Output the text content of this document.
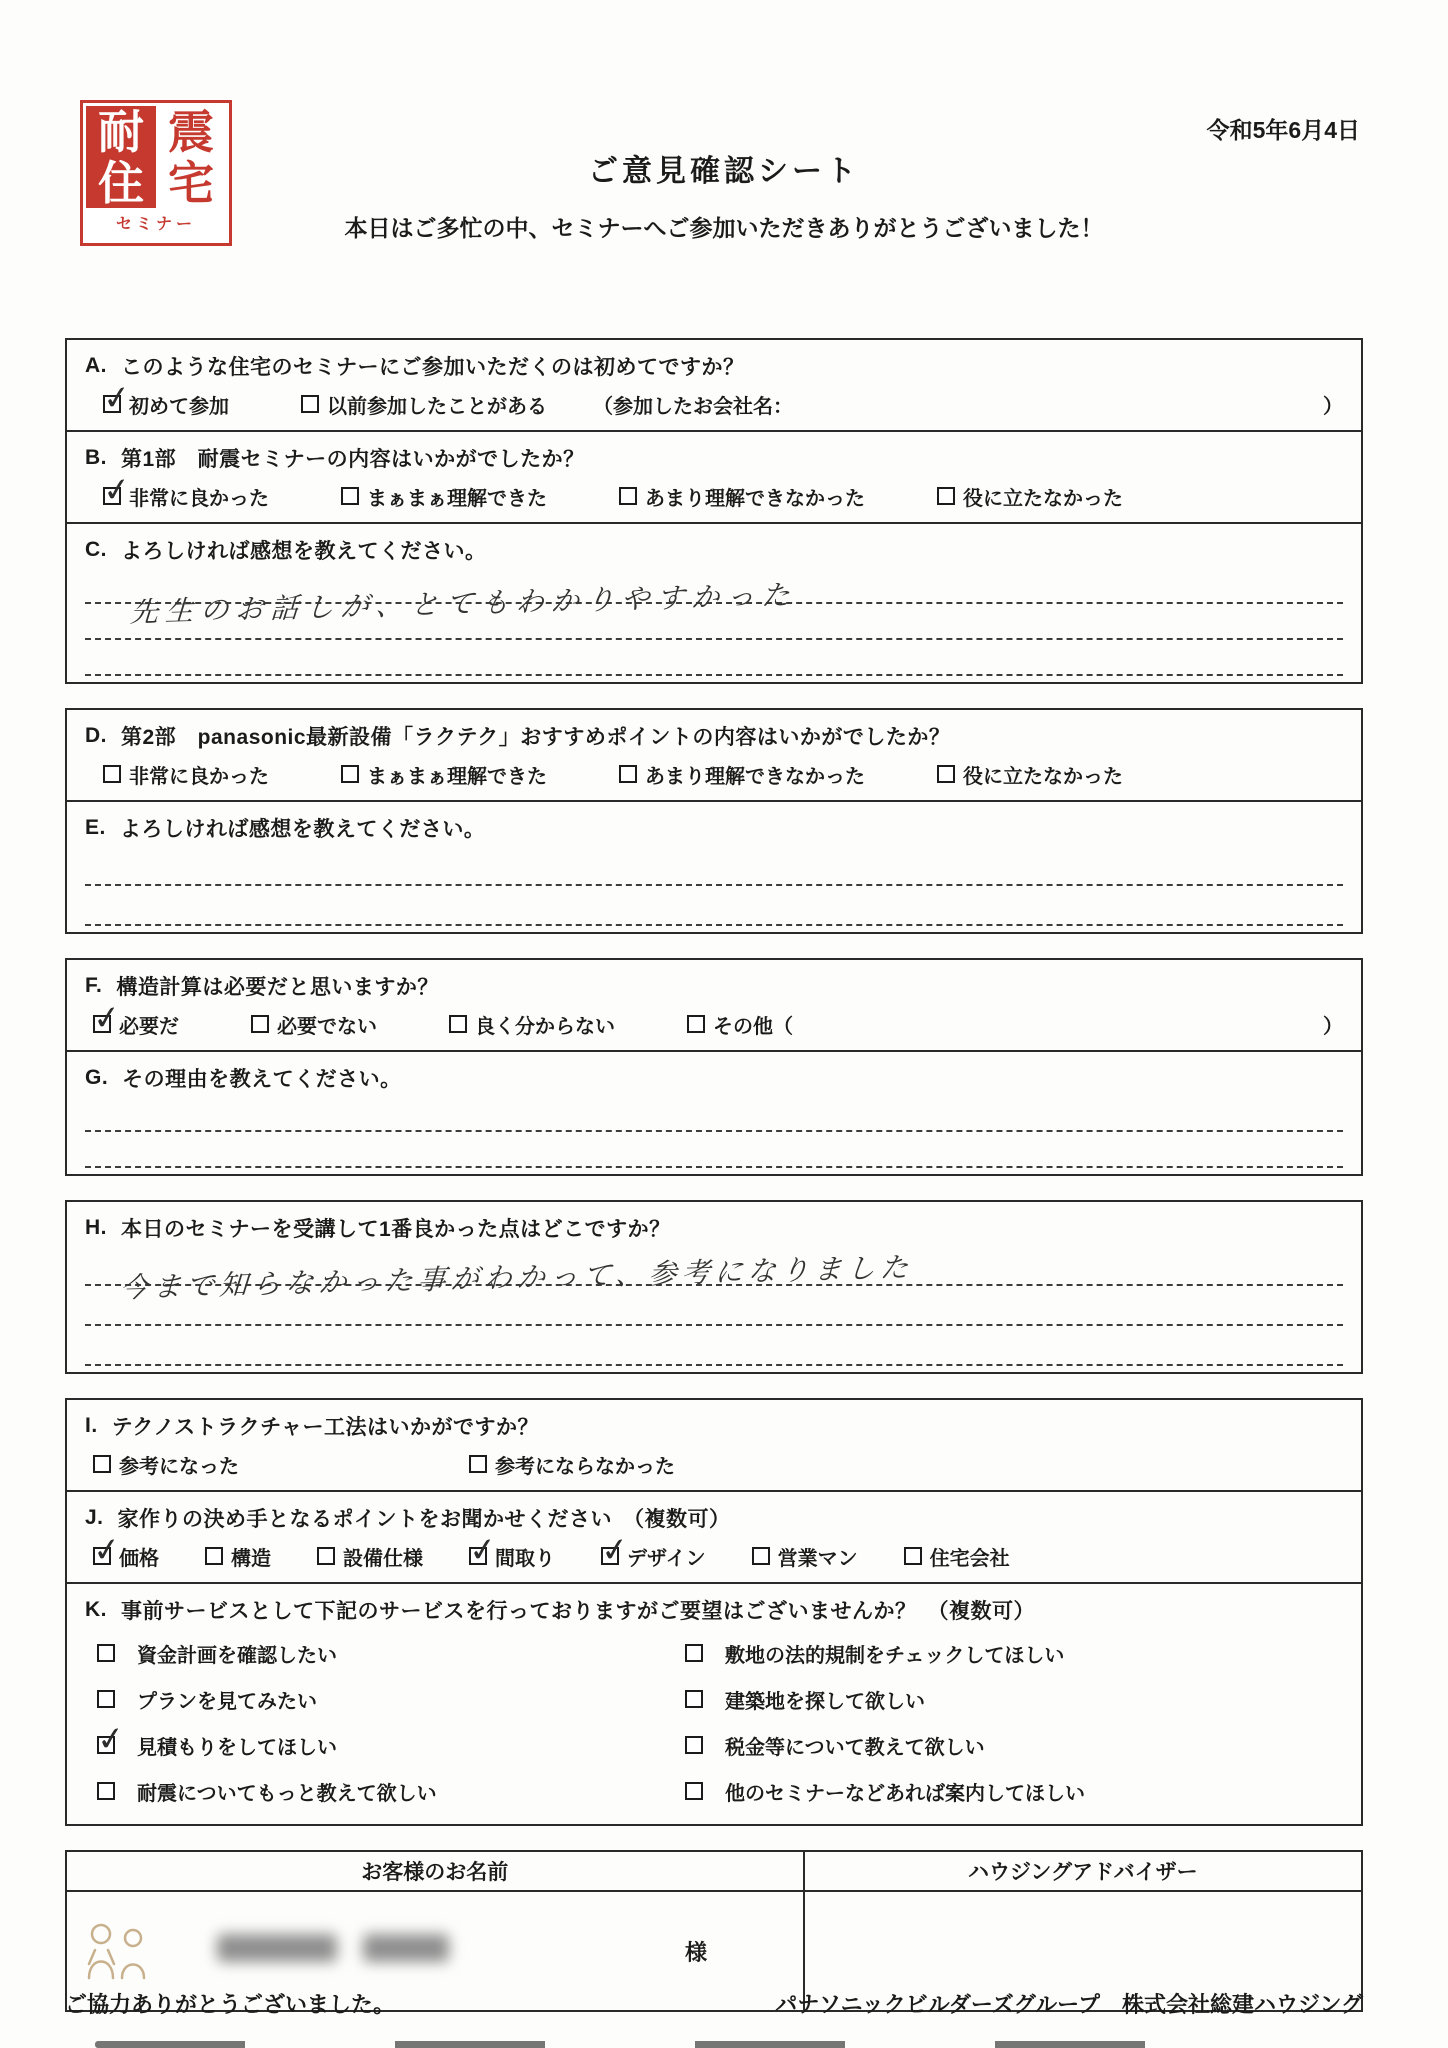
耐 震
住 宅
セミナー
令和5年6月4日
ご意見確認シート
本日はご多忙の中、セミナーへご参加いただきありがとうございました！
A. このような住宅のセミナーにご参加いただくのは初めてですか？
✓
初めて参加	以前参加したことがある （参加したお会社名：	）
B. 第1部　耐震セミナーの内容はいかがでしたか？
✓
非常に良かった	まぁまぁ理解できた	あまり理解できなかった	役に立たなかった
C. よろしければ感想を教えてください。
先生のお話しが、とてもわかりやすかった
D. 第2部　panasonic最新設備「ラクテク」おすすめポイントの内容はいかがでしたか？
非常に良かった	まぁまぁ理解できた	あまり理解できなかった	役に立たなかった
E. よろしければ感想を教えてください。
F. 構造計算は必要だと思いますか？
✓
必要だ	必要でない	良く分からない	その他（	）
G. その理由を教えてください。
H. 本日のセミナーを受講して1番良かった点はどこですか？
今まで知らなかった事がわかって、参考になりました
I. テクノストラクチャー工法はいかがですか？
参考になった	参考にならなかった
J. 家作りの決め手となるポイントをお聞かせください　（複数可）
✓
価格	構造	設備仕様 ✓
間取り ✓
デザイン	営業マン	住宅会社
K. 事前サービスとして下記のサービスを行っておりますがご要望はございませんか？　（複数可）
資金計画を確認したい	敷地の法的規制をチェックしてほしい
プランを見てみたい	建築地を探して欲しい
✓ 見積もりをしてほしい	税金等について教えて欲しい
耐震についてもっと教えて欲しい	他のセミナーなどあれば案内してほしい
お客様のお名前
様
ハウジングアドバイザー
ご協力ありがとうございました。	パナソニックビルダーズグループ　株式会社総建ハウジング
